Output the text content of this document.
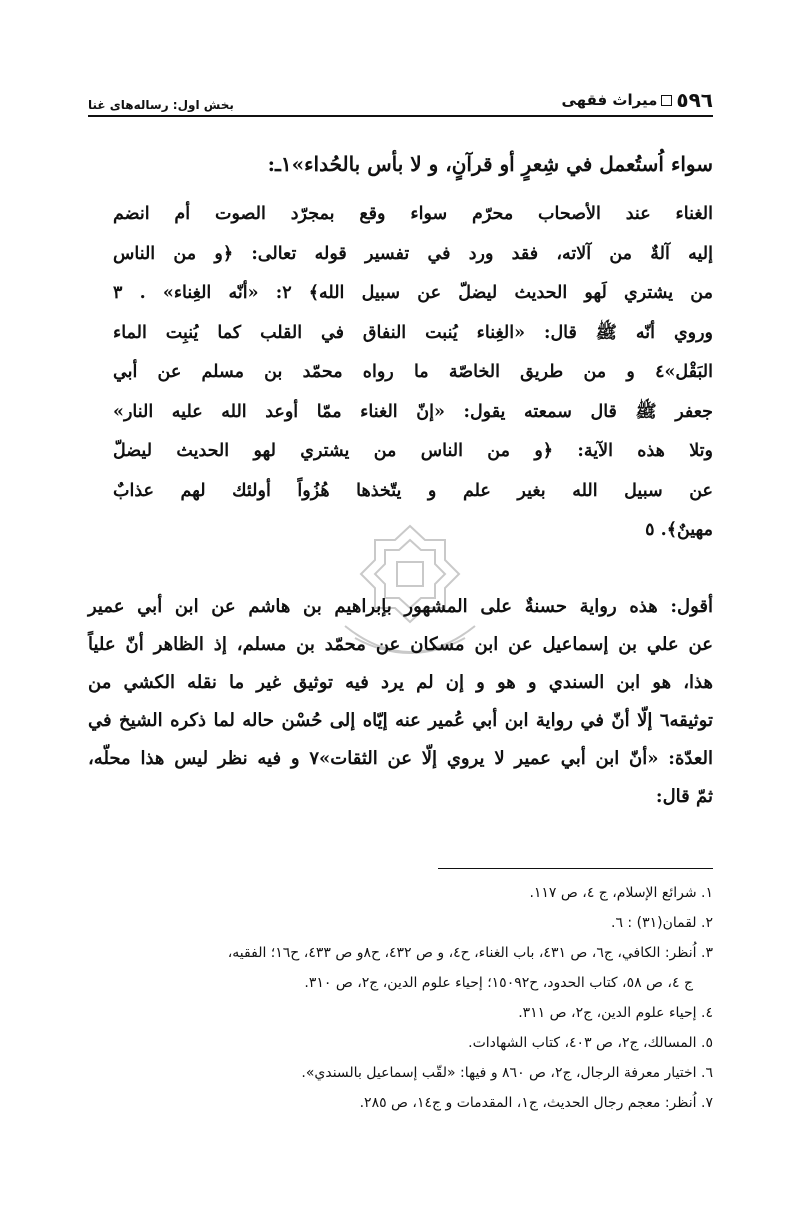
٥٩٦
میراث فقهی
بخش اول: رساله‌های غنا
سواء اُستُعمل في شِعرٍ أو قرآنٍ، و لا بأس بالحُداء»١ـ:
الغناء عند الأصحاب محرّم سواء وقع بمجرّد الصوت أم انضم
إليه آلةٌ من آلاته، فقد ورد في تفسير قوله تعالى: ﴿و من الناس
من يشتري لَهو الحديث ليضلّ عن سبيل الله﴾ ٢: «أنّه الغِناء» . ٣
وروي أنّه ﷺ قال: «الغِناء يُنبت النفاق في القلب كما يُنبِت الماء
البَقْل»٤ و من طريق الخاصّة ما رواه محمّد بن مسلم عن أبي
جعفر ﷺ قال سمعته يقول: «إنّ الغناء ممّا أوعد الله عليه النار»
وتلا هذه الآية: ﴿و من الناس من يشتري لهو الحديث ليضلّ
عن سبيل الله بغير علم و يتّخذها هُزُواً أولئك لهم عذابٌ
مهينٌ﴾. ٥
أقول: هذه رواية حسنةٌ على المشهور بإبراهيم بن هاشم عن ابن أبي عمير
عن علي بن إسماعيل عن ابن مسكان عن محمّد بن مسلم، إذ الظاهر أنّ علياً
هذا، هو ابن السندي و هو و إن لم يرد فيه توثيق غير ما نقله الكشي من
توثيقه٦ إلّا أنّ في رواية ابن أبي عُمير عنه إيّاه إلى حُسْن حاله لما ذكره الشيخ في
العدّة: «أنّ ابن أبي عمير لا يروي إلّا عن الثقات»٧ و فيه نظر ليس هذا محلّه،
ثمّ قال:
١. شرائع الإسلام، ج ٤، ص ١١٧.
٢. لقمان(٣١) : ٦.
٣. اُنظر: الكافي، ج٦، ص ٤٣١، باب الغناء، ح٤، و ص ٤٣٢، ح٨و ص ٤٣٣، ح١٦؛ الفقيه،
ج ٤، ص ٥٨، كتاب الحدود، ح١٥٠٩٢؛ إحياء علوم الدين، ج٢، ص ٣١٠.
٤. إحياء علوم الدين، ج٢، ص ٣١١.
٥. المسالك، ج٢، ص ٤٠٣، كتاب الشهادات.
٦. اختيار معرفة الرجال، ج٢، ص ٨٦٠ و فيها: «لقّب إسماعيل بالسندي».
٧. اُنظر: معجم رجال الحديث، ج١، المقدمات و ج١٤، ص ٢٨٥.
